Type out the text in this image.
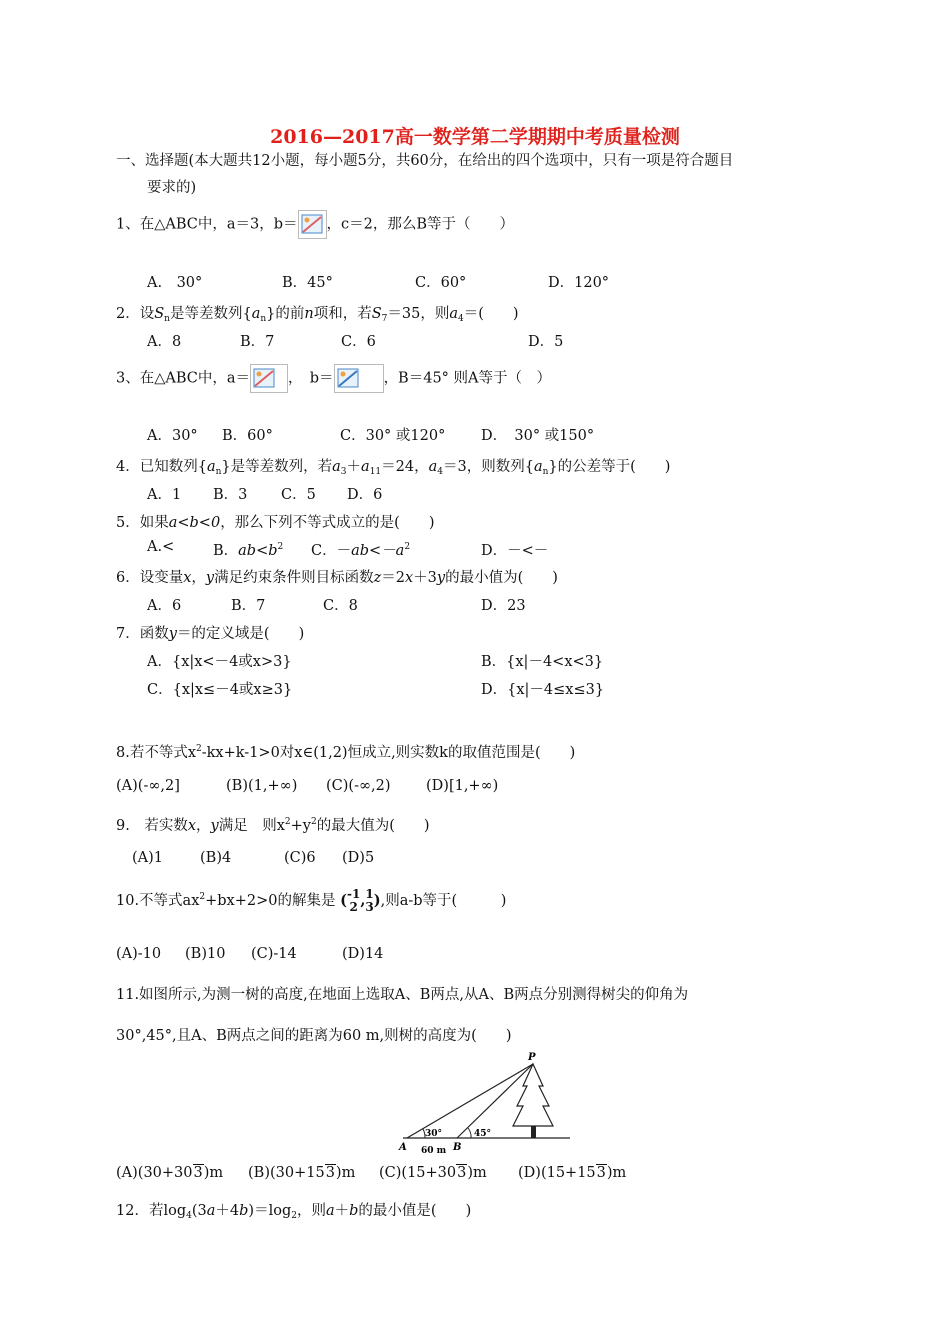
2016—2017高一数学第二学期期中考质量检测
一、选择题(本大题共12小题，每小题5分，共60分，在给出的四个选项中，只有一项是符合题目
要求的)
1、在△ABC中，a＝3，b＝ ，c＝2，那么B等于（　　）
A.　30°	B．45°	C．60°	D．120°
2．设$S_n$是等差数列$\{a_n\}$的前n项和，若$S_7=35$，则$a_4=$(　　)
A．8	B．7	C．6	D．5
3、在△ABC中，a＝	，　b＝	，B＝45° 则A等于（　）
A．30° B．60°	C．30° 或120° D．　30° 或150°
4．已知数列$\{a_n\}$是等差数列，若$a_3+a_{11}=24$，$a_4=3$，则数列$\{a_n\}$的公差等于(　　)
A．1 B．3 C．5 D．6
5．如果a<b<0，那么下列不等式成立的是(　　)
A.<	B．$ab<b^2$ C．$-ab<-a^2$	D．－<－
6．设变量x，y满足约束条件则目标函数z＝2x＋3y的最小值为(　　)
A．6	B．7	C．8	D．23
7．函数y＝的定义域是(　　)
A．{x|x<－4或x>3}	B．{x|－4<x<3}
C．{x|x≤－4或x≥3}	D．{x|－4≤x≤3}
8.若不等式$x^2-kx+k-1>0$对x∈(1,2)恒成立,则实数k的取值范围是(　　)
(A)(-∞,2]	(B)(1,+∞) (C)(-∞,2) (D)[1,+∞)
9.　若实数x，y满足　则$x^2+y^2$的最大值为(　　)
(A)1	(B)4	(C)6 (D)5
10.不等式$ax^2+bx+2>0$的解集是 ( -1
2 , 1
3 ),则a-b等于(　　　)
(A)-10 (B)10 (C)-14	(D)14
11.如图所示,为测一树的高度,在地面上选取A、B两点,从A、B两点分别测得树尖的仰角为
30°,45°,且A、B两点之间的距离为60 m,则树的高度为(　　)
P
A	B
30°	45°
60 m
(A)(30+303)m (B)(30+153)m (C)(15+303)m (D)(15+153)m
12．若$\log_4(3a+4b)=\log_2$，则a＋b的最小值是(　　)
